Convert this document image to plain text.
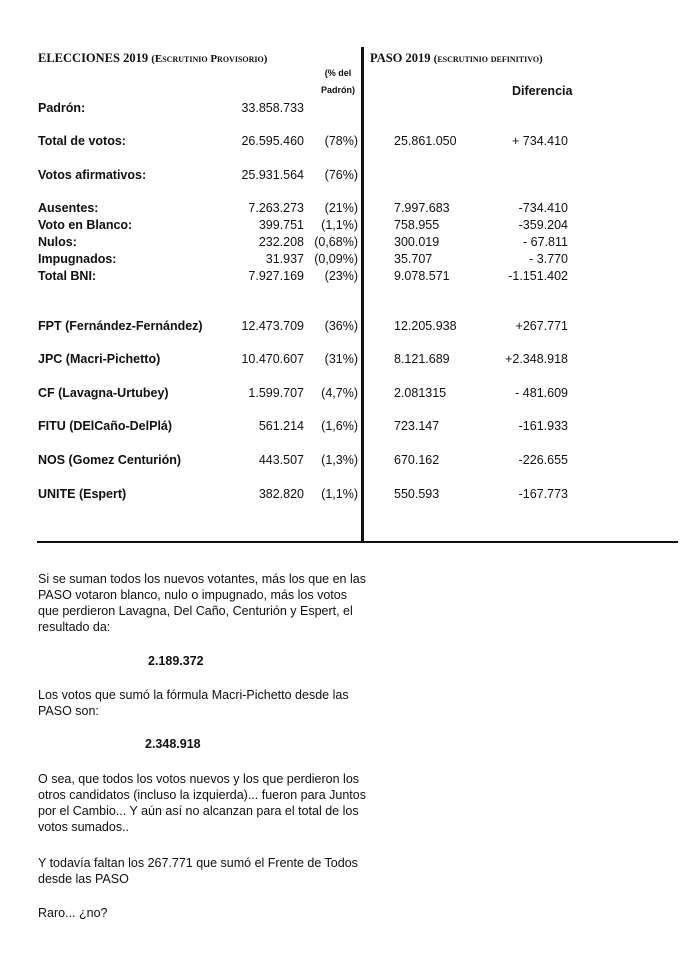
ELECCIONES 2019 (Escrutinio Provisorio)	PASO 2019 (escrutinio definitivo)
(% del
Padrón)	Diferencia
Padrón:	33.858.733
Total de votos:	26.595.460	(78%)	25.861.050	+ 734.410
Votos afirmativos:	25.931.564	(76%)
Ausentes:	7.263.273	(21%)	7.997.683	-734.410
Voto en Blanco:	399.751	(1,1%)	758.955	-359.204
Nulos:	232.208 (0,68%)	300.019	- 67.811
Impugnados:	31.937 (0,09%)	35.707	- 3.770
Total BNI:	7.927.169	(23%)	9.078.571	-1.151.402
FPT (Fernández-Fernández)	12.473.709	(36%)	12.205.938	+267.771
JPC (Macri-Pichetto)	10.470.607	(31%)	8.121.689	+2.348.918
CF (Lavagna-Urtubey)	1.599.707	(4,7%)	2.081315	- 481.609
FITU (DElCaño-DelPlá)	561.214	(1,6%)	723.147	-161.933
NOS (Gomez Centurión)	443.507	(1,3%)	670.162	-226.655
UNITE (Espert)	382.820	(1,1%)	550.593	-167.773
Si se suman todos los nuevos votantes, más los que en las PASO votaron blanco, nulo o impugnado, más los votos que perdieron Lavagna, Del Caño, Centurión y Espert, el resultado da:
2.189.372
Los votos que sumó la fórmula Macri-Pichetto desde las PASO son:
2.348.918
O sea, que todos los votos nuevos y los que perdieron los otros candidatos (incluso la izquierda)... fueron para Juntos por el Cambio... Y aún así no alcanzan para el total de los votos sumados..
Y todavía faltan los 267.771 que sumó el Frente de Todos desde las PASO
Raro... ¿no?
